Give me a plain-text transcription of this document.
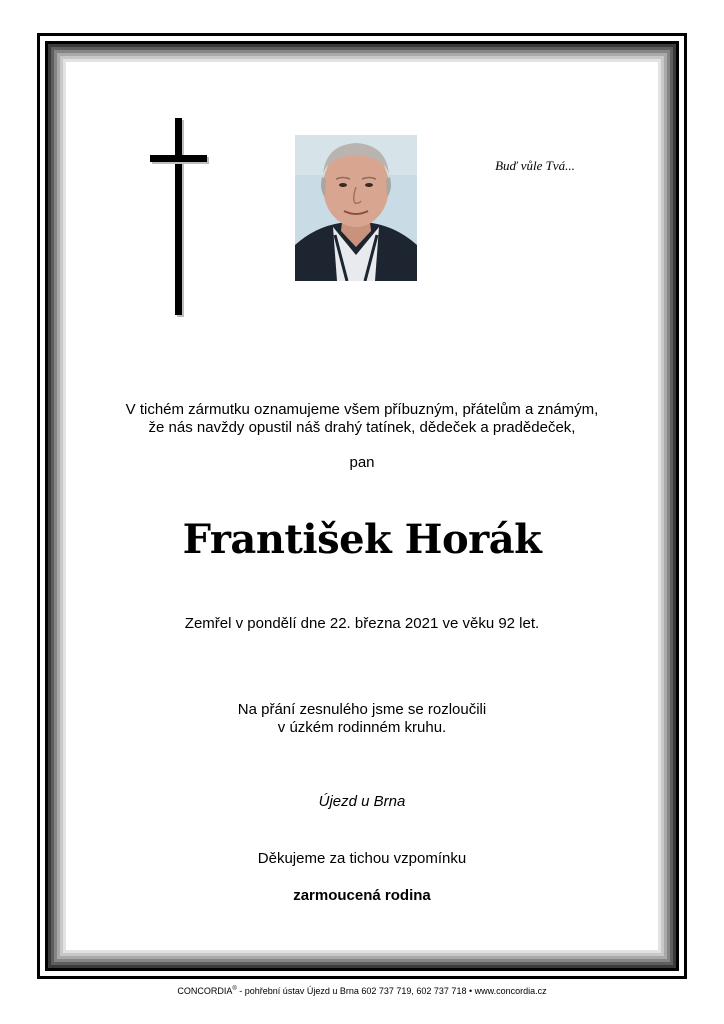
Buď vůle Tvá...
V tichém zármutku oznamujeme všem příbuzným, přátelům a známým,
že nás navždy opustil náš drahý tatínek, dědeček a pradědeček,
pan
František Horák
Zemřel v pondělí dne 22. března 2021 ve věku 92 let.
Na přání zesnulého jsme se rozloučili
v úzkém rodinném kruhu.
Újezd u Brna
Děkujeme za tichou vzpomínku
zarmoucená rodina
CONCORDIA® - pohřební ústav Újezd u Brna 602 737 719, 602 737 718 • www.concordia.cz
